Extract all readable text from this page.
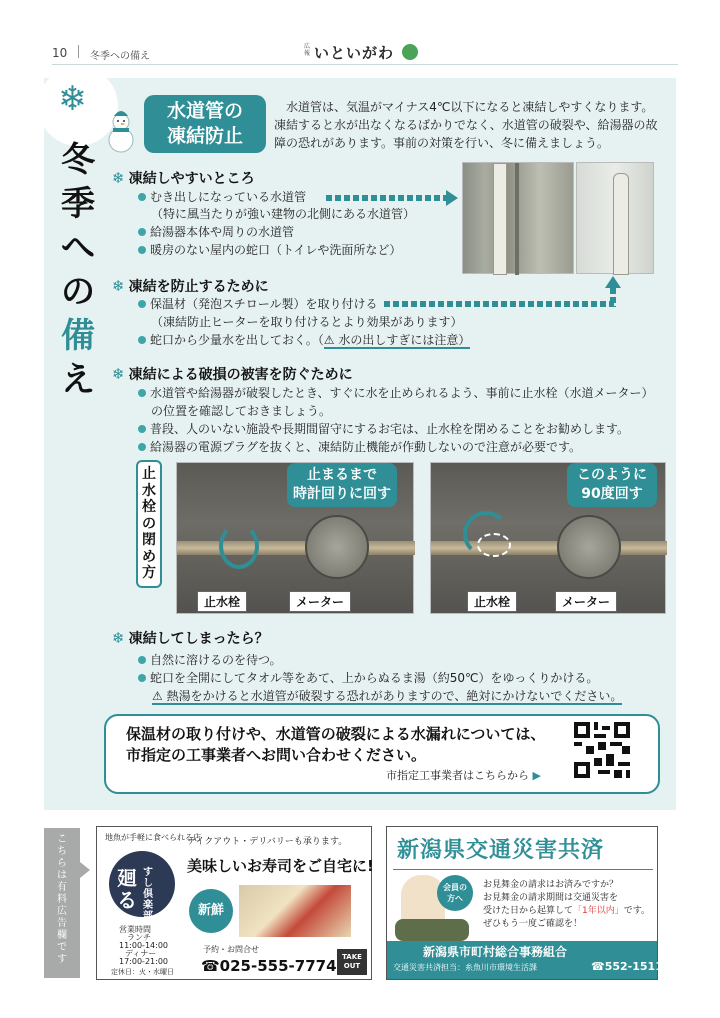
10 冬季への備え
広報 いといがわ
❄
冬
季
へ
の
備
え
水道管の
凍結防止
水道管は、気温がマイナス4℃以下になると凍結しやすくなります。凍結すると水が出なくなるばかりでなく、水道管の破裂や、給湯器の故障の恐れがあります。事前の対策を行い、冬に備えましょう。
❄ 凍結しやすいところ
むき出しになっている水道管
（特に風当たりが強い建物の北側にある水道管）
給湯器本体や周りの水道管
暖房のない屋内の蛇口（トイレや洗面所など）
❄ 凍結を防止するために
保温材（発泡スチロール製）を取り付ける
（凍結防止ヒーターを取り付けるとより効果があります）
蛇口から少量水を出しておく。（⚠ 水の出しすぎには注意）
❄ 凍結による破損の被害を防ぐために
水道管や給湯器が破裂したとき、すぐに水を止められるよう、事前に止水栓（水道メーター）
の位置を確認しておきましょう。
普段、人のいない施設や長期間留守にするお宅は、止水栓を閉めることをお勧めします。
給湯器の電源プラグを抜くと、凍結防止機能が作動しないので注意が必要です。
止
水
栓
の
閉
め
方
止まるまで
時計回りに回す
止水栓	メーター
このように
90度回す
止水栓	メーター
❄ 凍結してしまったら？
自然に溶けるのを待つ。
蛇口を全開にしてタオル等をあて、上からぬるま湯（約50℃）をゆっくりかける。
⚠ 熱湯をかけると水道管が破裂する恐れがありますので、絶対にかけないでください。
保温材の取り付けや、水道管の破裂による水漏れについては、
市指定の工事業者へお問い合わせください。
市指定工事業者はこちらから ▶
こちらは有料広告欄です
地魚が手軽に食べられる店
廻る
すし倶楽部
テイクアウト・デリバリーも承ります。
美味しいお寿司をご自宅に!
新鮮
営業時間
ランチ
11:00-14:00
ディナー
17:00-21:00
定休日：火・水曜日
予約・お問合せ
☎025-555-7774 TAKE OUT
新潟県交通災害共済
会員の方へ
お見舞金の請求はお済みですか？
お見舞金の請求期間は交通災害を
受けた日から起算して「1年以内」です。
ぜひもう一度ご確認を！
新潟県市町村総合事務組合
交通災害共済担当：糸魚川市環境生活課	☎552-1511
